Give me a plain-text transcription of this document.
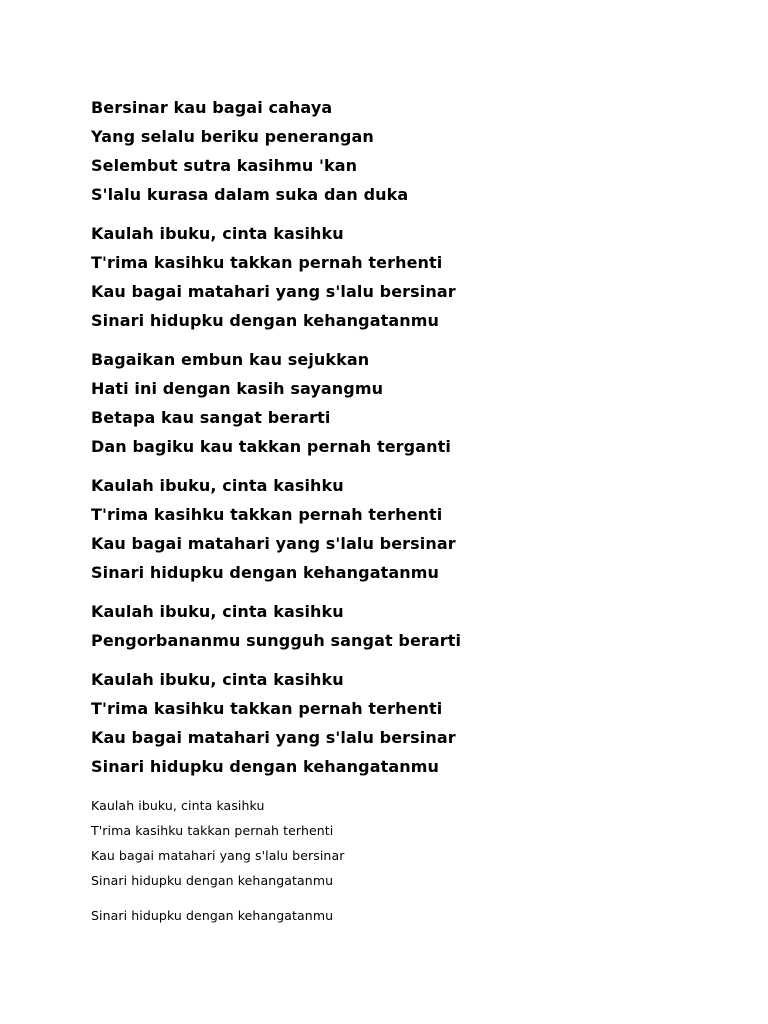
Bersinar kau bagai cahaya
Yang selalu beriku penerangan
Selembut sutra kasihmu 'kan
S'lalu kurasa dalam suka dan duka
Kaulah ibuku, cinta kasihku
T'rima kasihku takkan pernah terhenti
Kau bagai matahari yang s'lalu bersinar
Sinari hidupku dengan kehangatanmu
Bagaikan embun kau sejukkan
Hati ini dengan kasih sayangmu
Betapa kau sangat berarti
Dan bagiku kau takkan pernah terganti
Kaulah ibuku, cinta kasihku
T'rima kasihku takkan pernah terhenti
Kau bagai matahari yang s'lalu bersinar
Sinari hidupku dengan kehangatanmu
Kaulah ibuku, cinta kasihku
Pengorbananmu sungguh sangat berarti
Kaulah ibuku, cinta kasihku
T'rima kasihku takkan pernah terhenti
Kau bagai matahari yang s'lalu bersinar
Sinari hidupku dengan kehangatanmu
Kaulah ibuku, cinta kasihku
T'rima kasihku takkan pernah terhenti
Kau bagai matahari yang s'lalu bersinar
Sinari hidupku dengan kehangatanmu
Sinari hidupku dengan kehangatanmu
